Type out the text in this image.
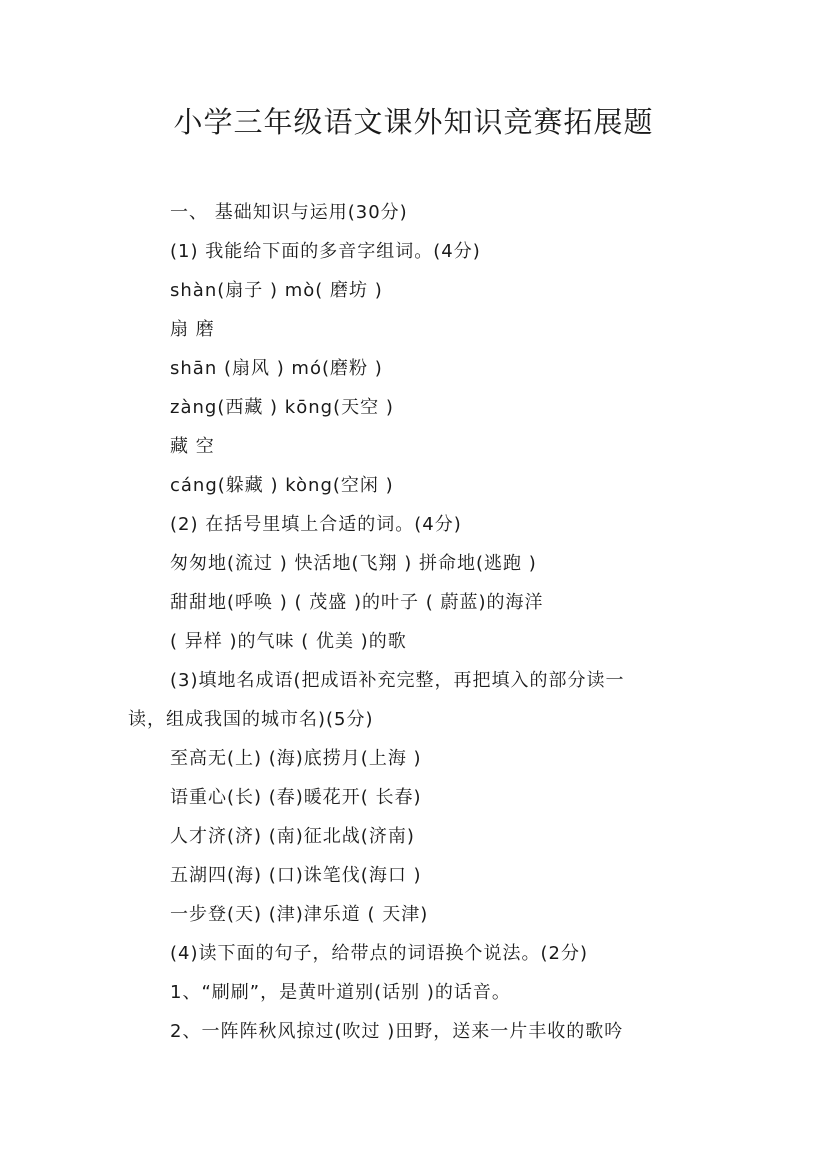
小学三年级语文课外知识竞赛拓展题
一、 基础知识与运用(30分)
(1) 我能给下面的多音字组词。(4分)
shàn(扇子 ) mò( 磨坊 )
扇 磨
shān (扇风 ) mó(磨粉 )
zàng(西藏 ) kōng(天空 )
藏 空
cáng(躲藏 ) kòng(空闲 )
(2) 在括号里填上合适的词。(4分)
匆匆地(流过 ) 快活地(飞翔 ) 拼命地(逃跑 )
甜甜地(呼唤 ) ( 茂盛 )的叶子 ( 蔚蓝)的海洋
( 异样 )的气味 ( 优美 )的歌
(3)填地名成语(把成语补充完整，再把填入的部分读一
读，组成我国的城市名)(5分)
至高无(上) (海)底捞月(上海 )
语重心(长) (春)暖花开( 长春)
人才济(济) (南)征北战(济南)
五湖四(海) (口)诛笔伐(海口 )
一步登(天) (津)津乐道 ( 天津)
(4)读下面的句子，给带点的词语换个说法。(2分)
1、“刷刷”，是黄叶道别(话别 )的话音。
2、一阵阵秋风掠过(吹过 )田野，送来一片丰收的歌吟
